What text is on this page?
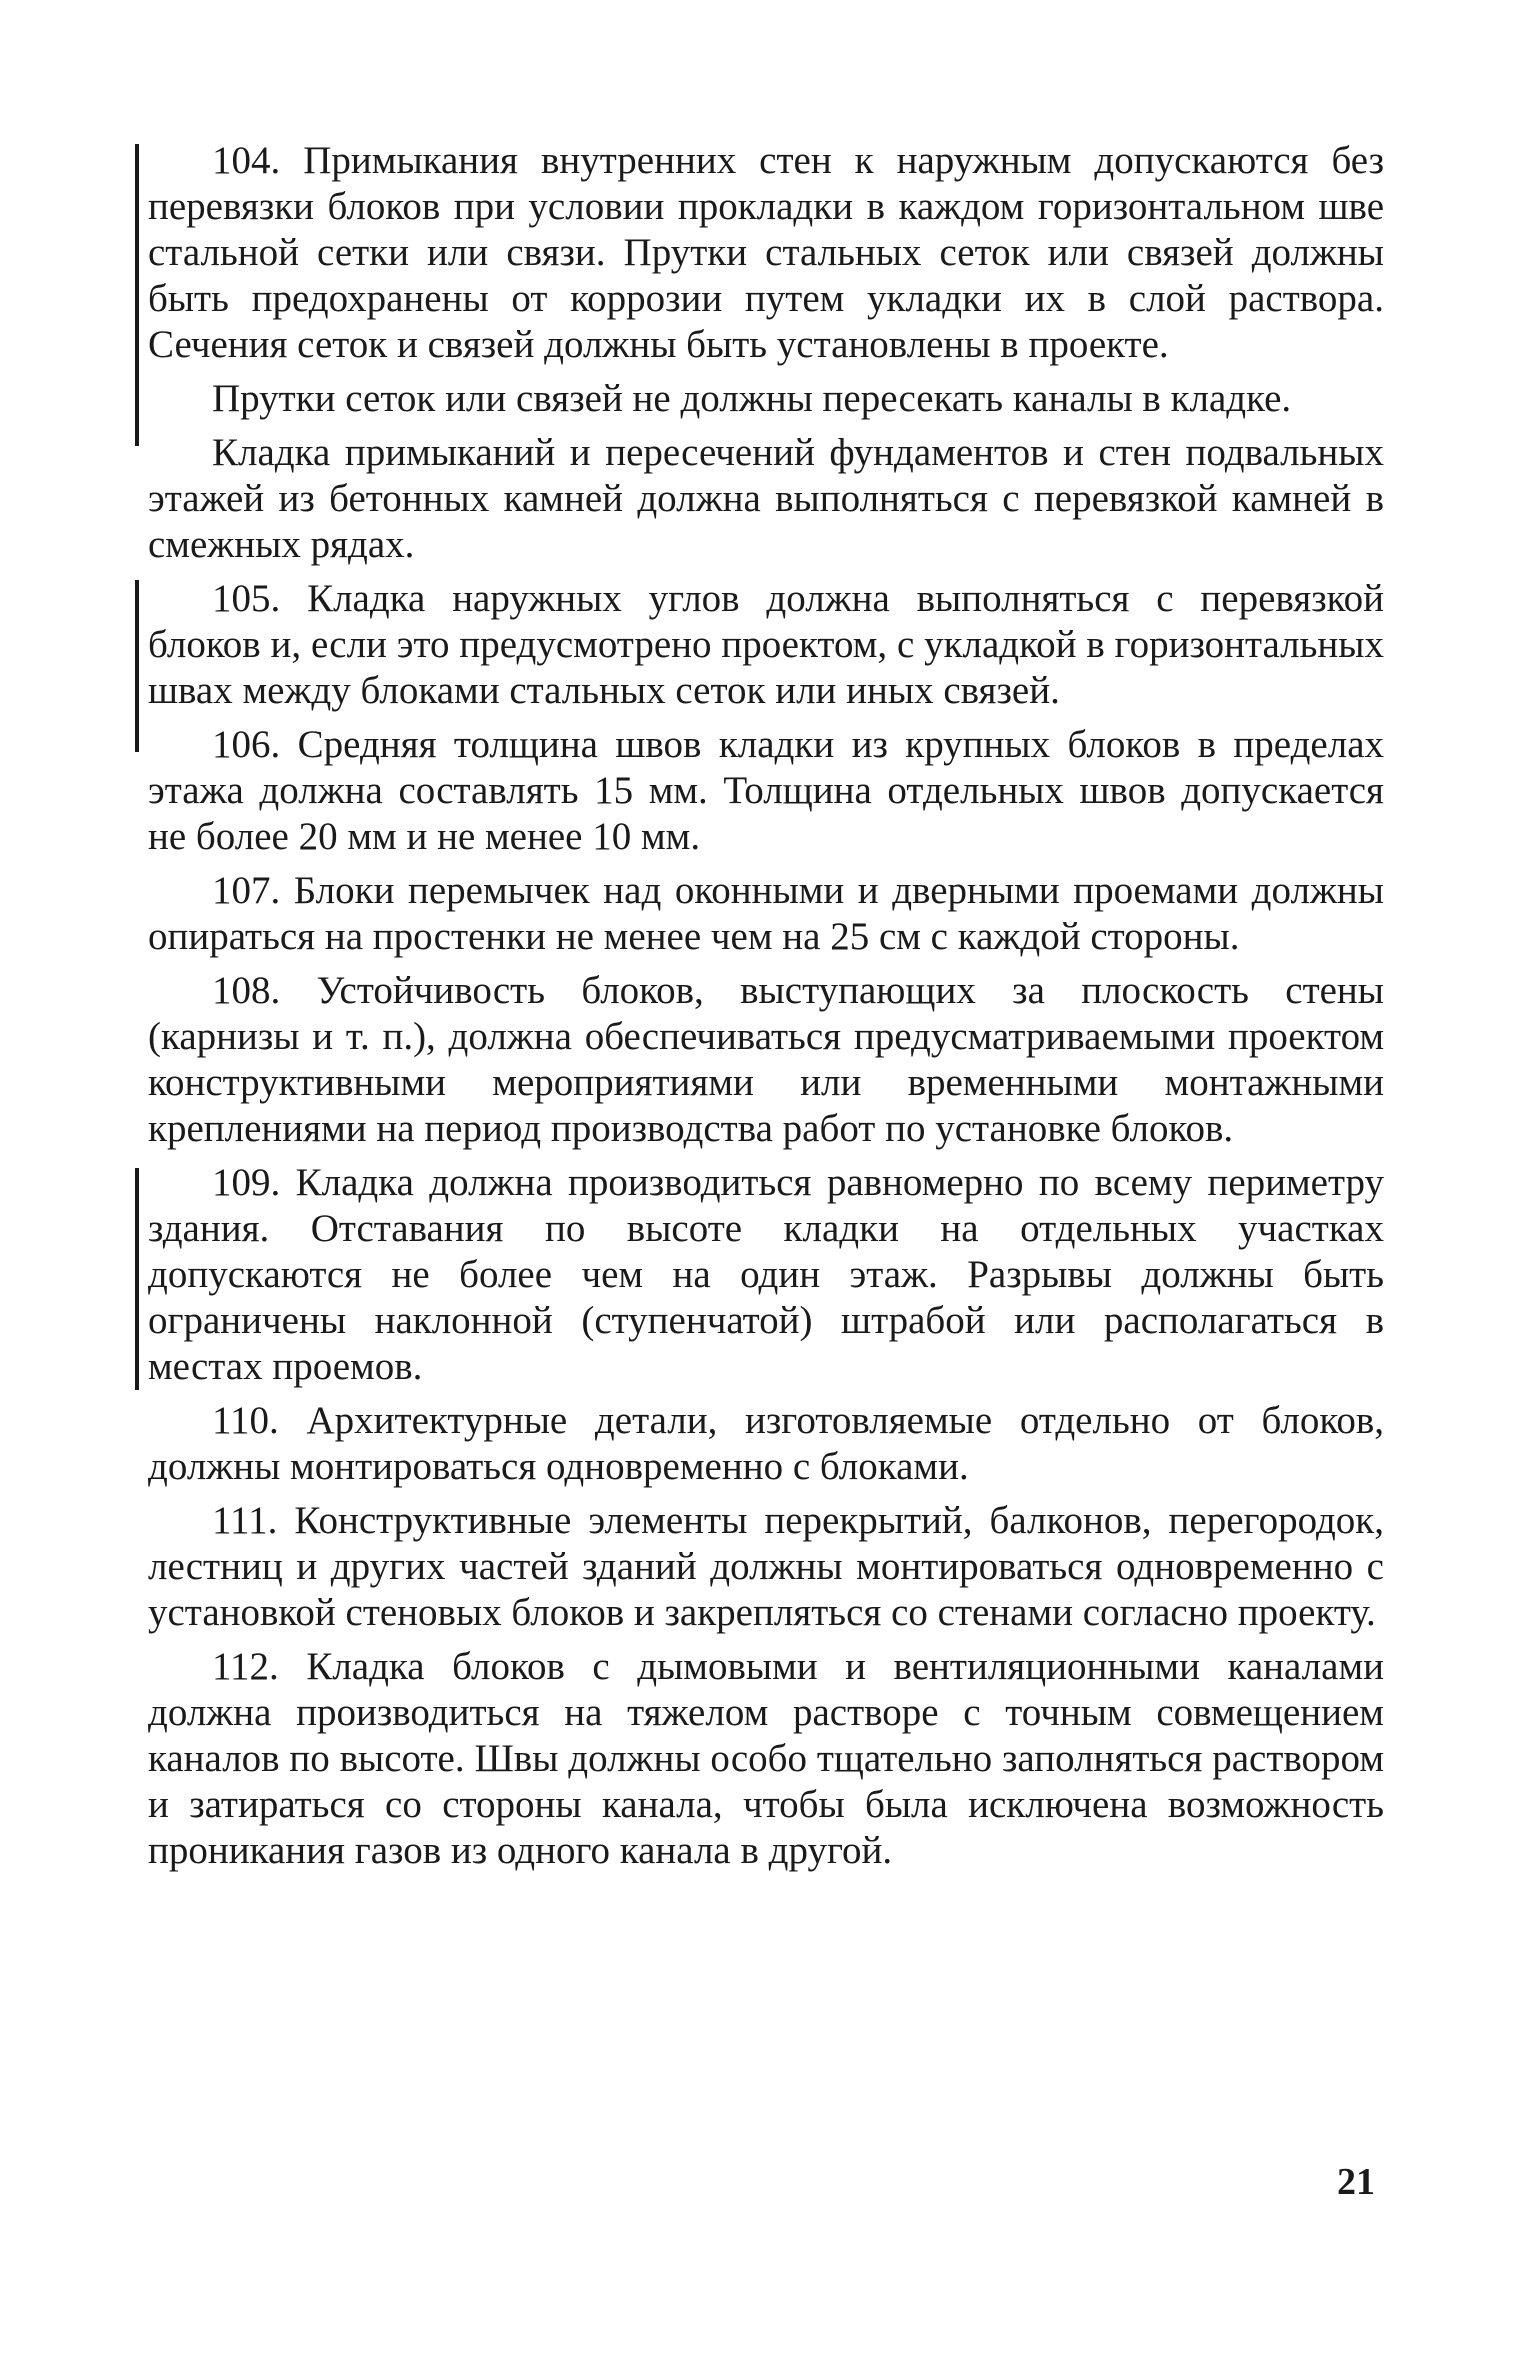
104. Примыкания внутренних стен к наружным допускаются без перевязки блоков при условии прокладки в каждом горизонтальном шве стальной сетки или связи. Прутки стальных сеток или связей должны быть предохранены от коррозии путем укладки их в слой раствора. Сечения сеток и связей должны быть установлены в проекте.

Прутки сеток или связей не должны пересекать каналы в кладке.

Кладка примыканий и пересечений фундаментов и стен подвальных этажей из бетонных камней должна выполняться с перевязкой камней в смежных рядах.

105. Кладка наружных углов должна выполняться с перевязкой блоков и, если это предусмотрено проектом, с укладкой в горизонтальных швах между блоками стальных сеток или иных связей.

106. Средняя толщина швов кладки из крупных блоков в пределах этажа должна составлять 15 мм. Толщина отдельных швов допускается не более 20 мм и не менее 10 мм.

107. Блоки перемычек над оконными и дверными проемами должны опираться на простенки не менее чем на 25 см с каждой стороны.

108. Устойчивость блоков, выступающих за плоскость стены (карнизы и т. п.), должна обеспечиваться предусматриваемыми проектом конструктивными мероприятиями или временными монтажными креплениями на период производства работ по установке блоков.

109. Кладка должна производиться равномерно по всему периметру здания. Отставания по высоте кладки на отдельных участках допускаются не более чем на один этаж. Разрывы должны быть ограничены наклонной (ступенчатой) штрабой или располагаться в местах проемов.

110. Архитектурные детали, изготовляемые отдельно от блоков, должны монтироваться одновременно с блоками.

111. Конструктивные элементы перекрытий, балконов, перегородок, лестниц и других частей зданий должны монтироваться одновременно с установкой стеновых блоков и закрепляться со стенами согласно проекту.

112. Кладка блоков с дымовыми и вентиляционными каналами должна производиться на тяжелом растворе с точным совмещением каналов по высоте. Швы должны особо тщательно заполняться раствором и затираться со стороны канала, чтобы была исключена возможность проникания газов из одного канала в другой.

21
